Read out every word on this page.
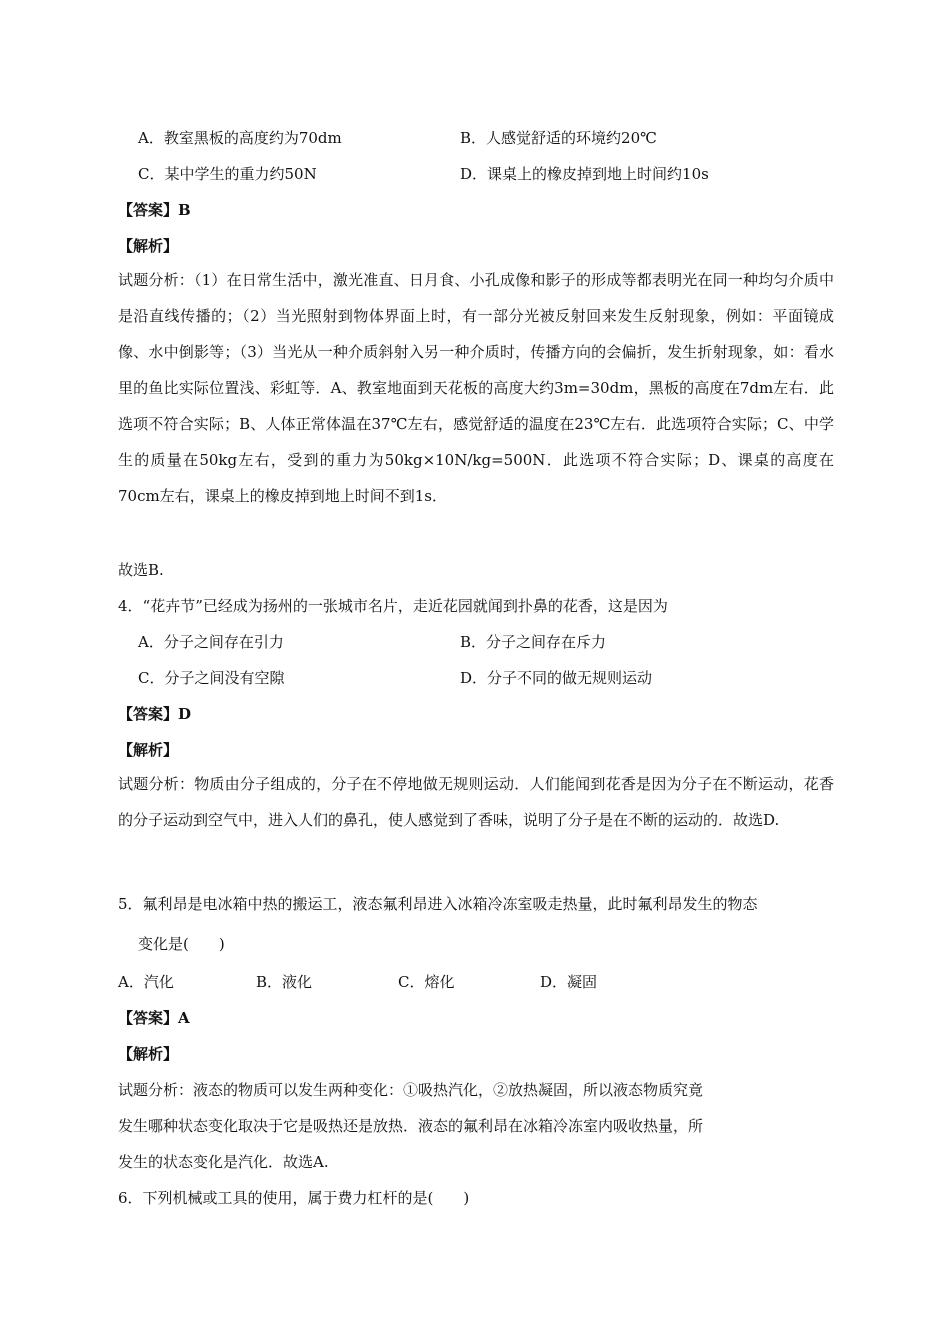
A．教室黑板的高度约为70dm	B．人感觉舒适的环境约20℃
C．某中学生的重力约50N	D．课桌上的橡皮掉到地上时间约10s
【答案】B
【解析】
试题分析：（1）在日常生活中，激光准直、日月食、小孔成像和影子的形成等都表明光在同一种均匀介质中是沿直线传播的；（2）当光照射到物体界面上时，有一部分光被反射回来发生反射现象，例如：平面镜成像、水中倒影等；（3）当光从一种介质斜射入另一种介质时，传播方向的会偏折，发生折射现象，如：看水里的鱼比实际位置浅、彩虹等．A、教室地面到天花板的高度大约3m=30dm，黑板的高度在7dm左右．此选项不符合实际；B、人体正常体温在37℃左右，感觉舒适的温度在23℃左右．此选项符合实际；C、中学生的质量在50kg左右，受到的重力为50kg×10N/kg=500N．此选项不符合实际；D、课桌的高度在70cm左右，课桌上的橡皮掉到地上时间不到1s．
故选B.
4．“花卉节”已经成为扬州的一张城市名片，走近花园就闻到扑鼻的花香，这是因为
A．分子之间存在引力	B．分子之间存在斥力
C．分子之间没有空隙	D．分子不同的做无规则运动
【答案】D
【解析】
试题分析：物质由分子组成的，分子在不停地做无规则运动．人们能闻到花香是因为分子在不断运动，花香的分子运动到空气中，进入人们的鼻孔，使人感觉到了香味，说明了分子是在不断的运动的．故选D.
5．氟利昂是电冰箱中热的搬运工，液态氟利昂进入冰箱冷冻室吸走热量，此时氟利昂发生的物态
变化是(　　)
A．汽化	B．液化	C．熔化	D．凝固
【答案】A
【解析】
试题分析：液态的物质可以发生两种变化：①吸热汽化，②放热凝固，所以液态物质究竟
发生哪种状态变化取决于它是吸热还是放热．液态的氟利昂在冰箱冷冻室内吸收热量，所
发生的状态变化是汽化．故选A.
6．下列机械或工具的使用，属于费力杠杆的是(　　)
